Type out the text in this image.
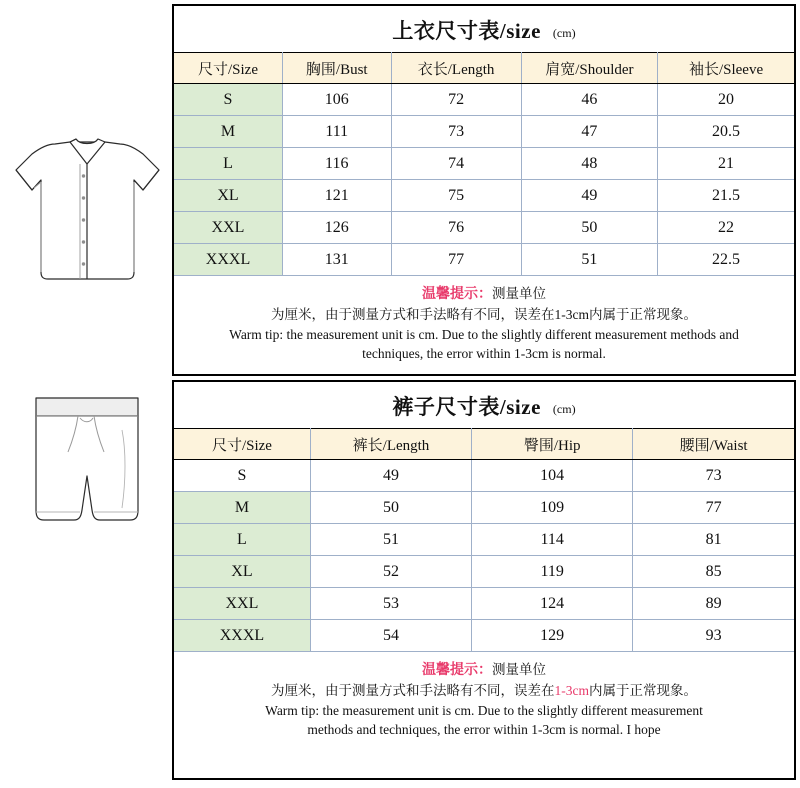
上衣尺寸表/size (cm)
尺寸/Size	胸围/Bust	衣长/Length	肩宽/Shoulder	袖长/Sleeve
S	106	72	46	20
M	111	73	47	20.5
L	116	74	48	21
XL	121	75	49	21.5
XXL	126	76	50	22
XXXL	131	77	51	22.5
温馨提示：测量单位
为厘米，由于测量方式和手法略有不同，误差在1-3cm内属于正常现象。
Warm tip: the measurement unit is cm. Due to the slightly different measurement methods and
techniques, the error within 1-3cm is normal.
裤子尺寸表/size (cm)
尺寸/Size	裤长/Length	臀围/Hip	腰围/Waist
S	49	104	73
M	50	109	77
L	51	114	81
XL	52	119	85
XXL	53	124	89
XXXL	54	129	93
温馨提示：测量单位
为厘米，由于测量方式和手法略有不同，误差在1-3cm内属于正常现象。
Warm tip: the measurement unit is cm. Due to the slightly different measurement
methods and techniques, the error within 1-3cm is normal. I hope
